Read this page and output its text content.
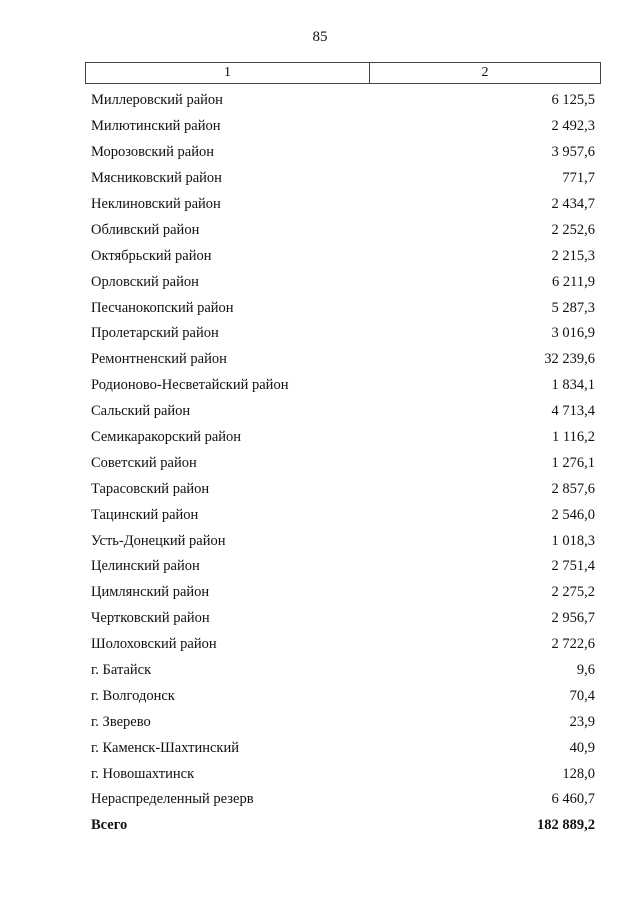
85
1	2
Миллеровский район	6 125,5
Милютинский район	2 492,3
Морозовский район	3 957,6
Мясниковский район	771,7
Неклиновский район	2 434,7
Обливский район	2 252,6
Октябрьский район	2 215,3
Орловский район	6 211,9
Песчанокопский район	5 287,3
Пролетарский район	3 016,9
Ремонтненский район	32 239,6
Родионово-Несветайский район	1 834,1
Сальский район	4 713,4
Семикаракорский район	1 116,2
Советский район	1 276,1
Тарасовский район	2 857,6
Тацинский район	2 546,0
Усть-Донецкий район	1 018,3
Целинский район	2 751,4
Цимлянский район	2 275,2
Чертковский район	2 956,7
Шолоховский район	2 722,6
г. Батайск	9,6
г. Волгодонск	70,4
г. Зверево	23,9
г. Каменск-Шахтинский	40,9
г. Новошахтинск	128,0
Нераспределенный резерв	6 460,7
Всего	182 889,2
